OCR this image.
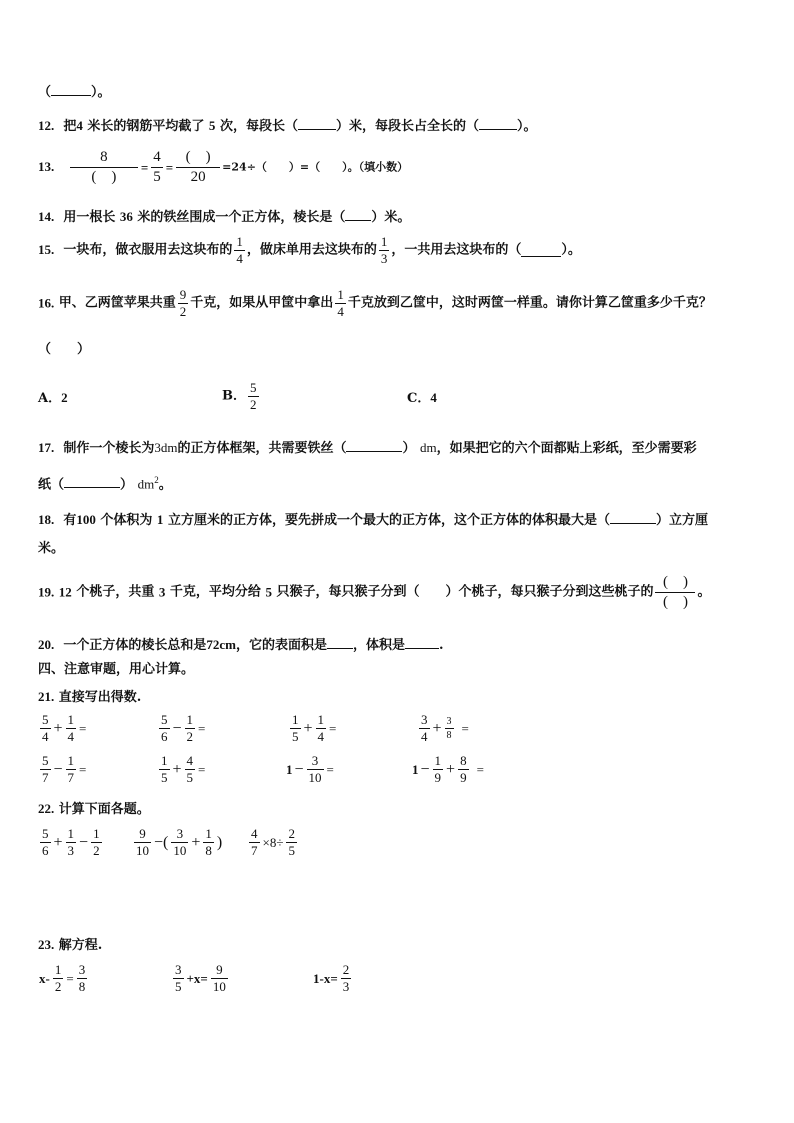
（	）。
12. 把4 米长的钢筋平均截了 5 次，每段长（	）米，每段长占全长的（	）。
13.
8
(　)
= $\frac{4}{5}$ =
(　)
20
=24÷（　　）=（　　）。（填小数）
14. 用一根长 36 米的铁丝围成一个正方体，棱长是（ ）米。
15. 一块布，做衣服用去这块布的 $\frac{1}{4}$ ，做床单用去这块布的 $\frac{1}{3}$ ，一共用去这块布的（	）。
16. 甲、乙两筐苹果共重 $\frac{9}{2}$ 千克，如果从甲筐中拿出 $\frac{1}{4}$ 千克放到乙筐中，这时两筐一样重。请你计算乙筐重多少千克？
（　　）
A．2	B． $\frac{5}{2}$	C．4
17. 制作一个棱长为3dm的正方体框架，共需要铁丝（	） dm，如果把它的六个面都贴上彩纸，至少需要彩
纸（	） $dm^2$。
18. 有100 个体积为 1 立方厘米的正方体，要先拼成一个最大的正方体，这个正方体的体积最大是（	）立方厘
米。
19. 12 个桃子，共重 3 千克，平均分给 5 只猴子，每只猴子分到（　　）个桃子，每只猴子分到这些桃子的
(　)
(　)
。
20. 一个正方体的棱长总和是72cm，它的表面积是 ，体积是	.
四、注意审题，用心计算。
21. 直接写出得数.
$\frac{5}{4} + \frac{1}{4}$ =	$\frac{5}{6} - \frac{1}{2}$ =	$\frac{1}{5} + \frac{1}{4}$ =	$\frac{3}{4} + \frac{3}{8}$ =
$\frac{5}{7} - \frac{1}{7}$ =	$\frac{1}{5} + \frac{4}{5}$ =	$1 - \frac{3}{10}$ =	$1 - \frac{1}{9} + \frac{8}{9}$ =
22. 计算下面各题。
$\frac{5}{6} + \frac{1}{3} - \frac{1}{2} \frac{9}{10}$ −( $\frac{3}{10} + \frac{1}{8}$ ) $\frac{4}{7} \times 8\div \frac{2}{5}$
23. 解方程.
$x- \frac{1}{2} = \frac{3}{8}$	$\frac{3}{5} +x= \frac{9}{10}$	$1-x= \frac{2}{3}$
